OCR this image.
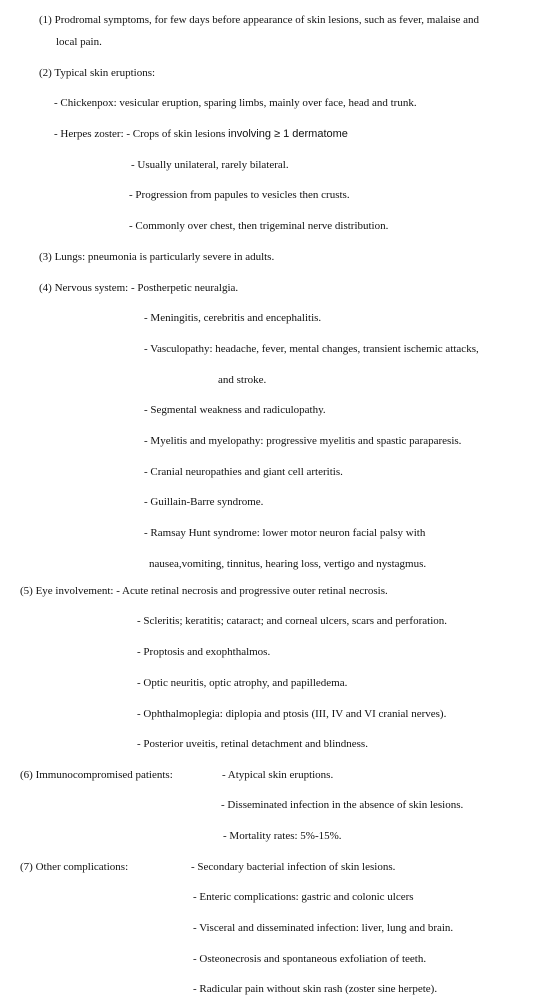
(1) Prodromal symptoms, for few days before appearance of skin lesions, such as fever, malaise and
local pain.
(2) Typical skin eruptions:
- Chickenpox: vesicular eruption, sparing limbs, mainly over face, head and trunk.
- Herpes zoster: - Crops of skin lesions involving ≥ 1 dermatome
- Usually unilateral, rarely bilateral.
- Progression from papules to vesicles then crusts.
- Commonly over chest, then trigeminal nerve distribution.
(3) Lungs: pneumonia is particularly severe in adults.
(4) Nervous system: - Postherpetic neuralgia.
- Meningitis, cerebritis and encephalitis.
- Vasculopathy: headache, fever, mental changes, transient ischemic attacks,
and stroke.
- Segmental weakness and radiculopathy.
- Myelitis and myelopathy: progressive myelitis and spastic paraparesis.
- Cranial neuropathies and giant cell arteritis.
- Guillain-Barre syndrome.
- Ramsay Hunt syndrome: lower motor neuron facial palsy with
nausea,vomiting, tinnitus, hearing loss, vertigo and nystagmus.
(5) Eye involvement: - Acute retinal necrosis and progressive outer retinal necrosis.
- Scleritis; keratitis; cataract; and corneal ulcers, scars and perforation.
- Proptosis and exophthalmos.
- Optic neuritis, optic atrophy, and papilledema.
- Ophthalmoplegia: diplopia and ptosis (III, IV and VI cranial nerves).
- Posterior uveitis, retinal detachment and blindness.
(6) Immunocompromised patients:	- Atypical skin eruptions.
- Disseminated infection in the absence of skin lesions.
- Mortality rates: 5%-15%.
(7) Other complications:	- Secondary bacterial infection of skin lesions.
- Enteric complications: gastric and colonic ulcers
- Visceral and disseminated infection: liver, lung and brain.
- Osteonecrosis and spontaneous exfoliation of teeth.
- Radicular pain without skin rash (zoster sine herpete).
